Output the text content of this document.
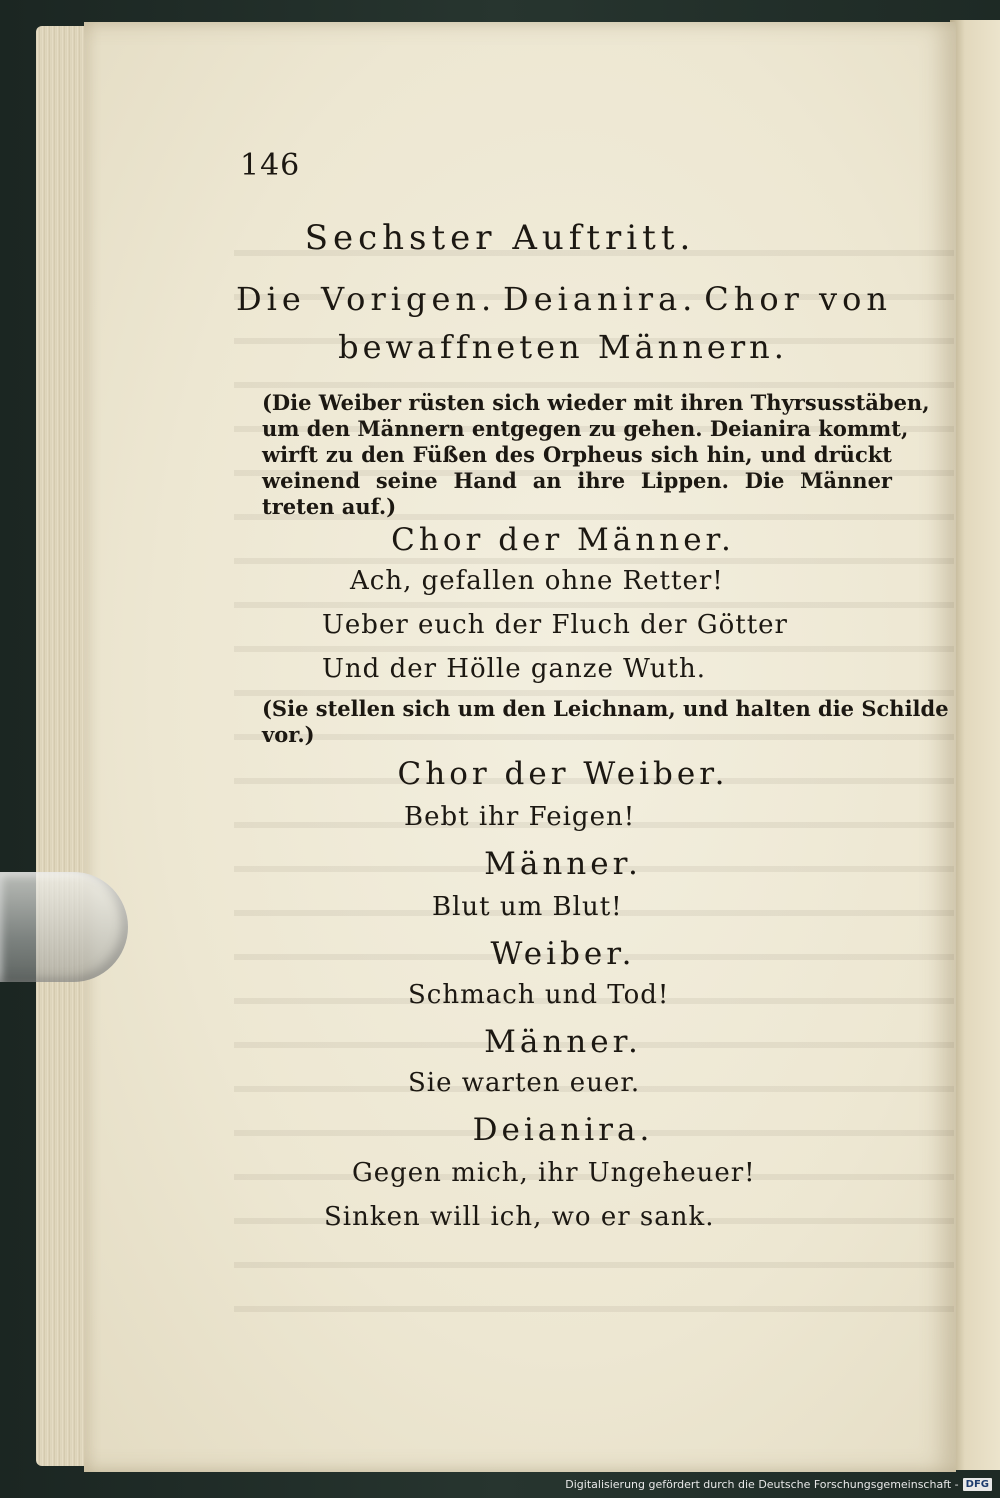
146
Sechster Auftritt.
Die Vorigen. Deianira. Chor von
bewaffneten Männern.
(Die Weiber rüsten sich wieder mit ihren Thyrsusstäben,
um den Männern entgegen zu gehen. Deianira kommt,
wirft zu den Füßen des Orpheus sich hin, und drückt
weinend seine Hand an ihre Lippen. Die Männer
treten auf.)
Chor der Männer.
Ach, gefallen ohne Retter!
Ueber euch der Fluch der Götter
Und der Hölle ganze Wuth.
(Sie stellen sich um den Leichnam, und halten die Schilde
vor.)
Chor der Weiber.
Bebt ihr Feigen!
Männer.
Blut um Blut!
Weiber.
Schmach und Tod!
Männer.
Sie warten euer.
Deianira.
Gegen mich, ihr Ungeheuer!
Sinken will ich, wo er sank.
Digitalisierung gefördert durch die Deutsche Forschungsgemeinschaft - DFG
